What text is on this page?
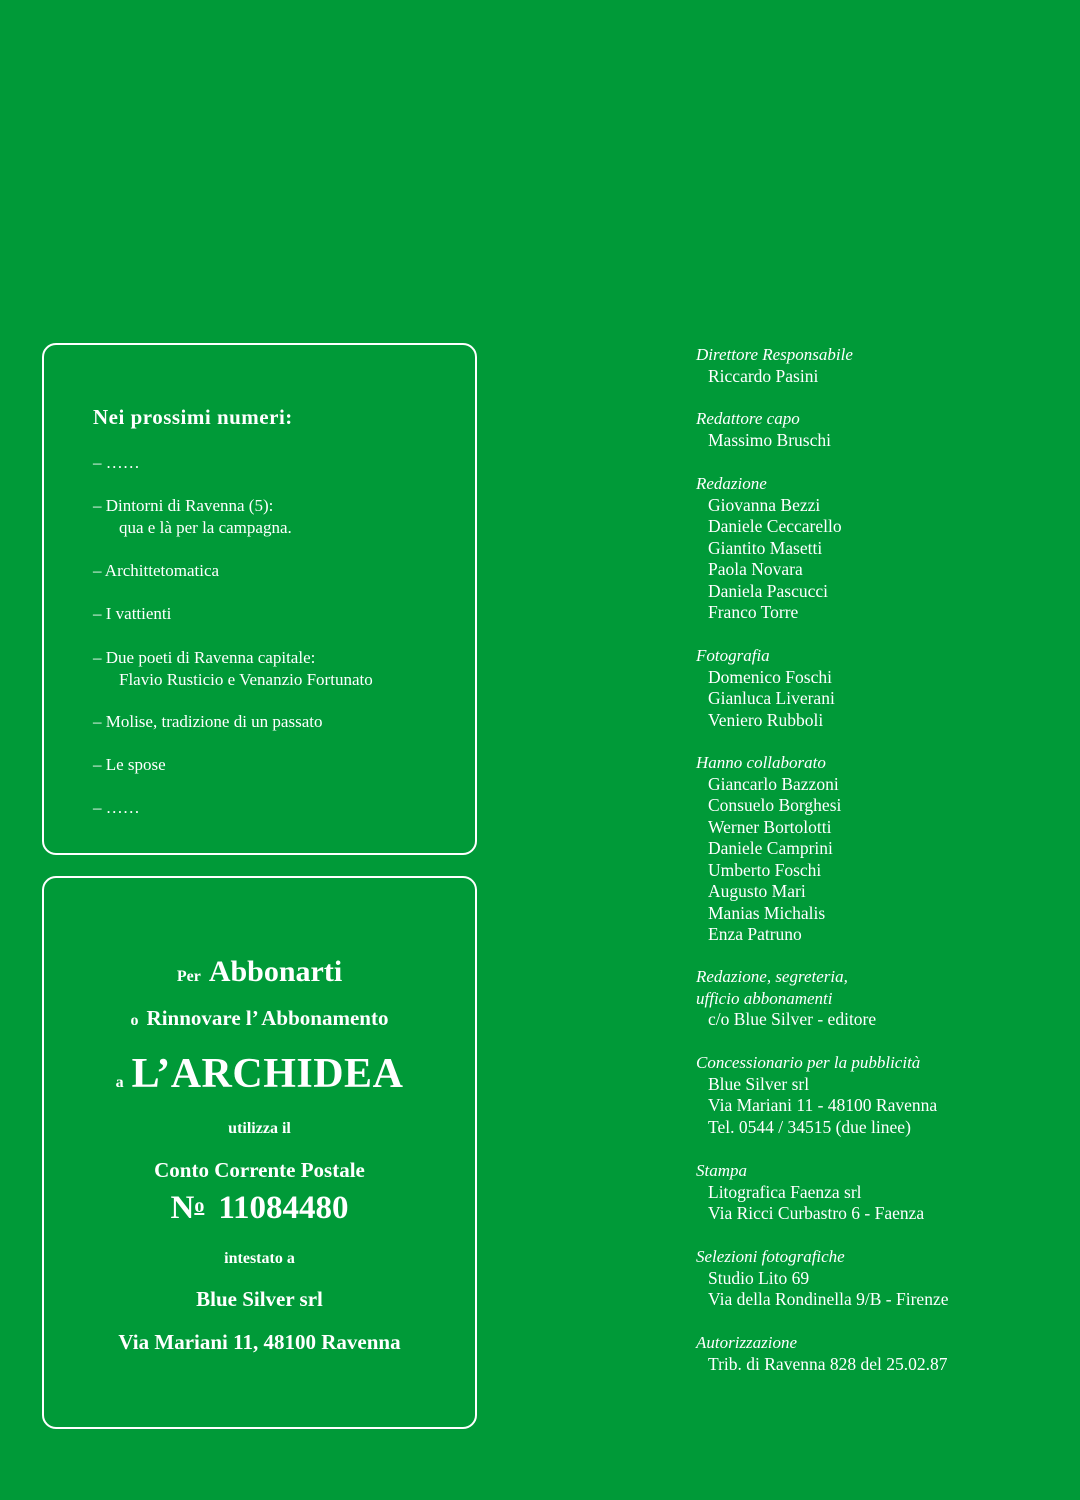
Nei prossimi numeri:
– ……
– Dintorni di Ravenna (5):
qua e là per la campagna.
– Archittetomatica
– I vattienti
– Due poeti di Ravenna capitale:
Flavio Rusticio e Venanzio Fortunato
– Molise, tradizione di un passato
– Le spose
– ……
Per Abbonarti
o Rinnovare l’ Abbonamento
a L’ARCHIDEA
utilizza il
Conto Corrente Postale
No 11084480
intestato a
Blue Silver srl
Via Mariani 11, 48100 Ravenna
Direttore Responsabile
Riccardo Pasini
Redattore capo
Massimo Bruschi
Redazione
Giovanna Bezzi
Daniele Ceccarello
Giantito Masetti
Paola Novara
Daniela Pascucci
Franco Torre
Fotografia
Domenico Foschi
Gianluca Liverani
Veniero Rubboli
Hanno collaborato
Giancarlo Bazzoni
Consuelo Borghesi
Werner Bortolotti
Daniele Camprini
Umberto Foschi
Augusto Mari
Manias Michalis
Enza Patruno
Redazione, segreteria,
ufficio abbonamenti
c/o Blue Silver - editore
Concessionario per la pubblicità
Blue Silver srl
Via Mariani 11 - 48100 Ravenna
Tel. 0544 / 34515 (due linee)
Stampa
Litografica Faenza srl
Via Ricci Curbastro 6 - Faenza
Selezioni fotografiche
Studio Lito 69
Via della Rondinella 9/B - Firenze
Autorizzazione
Trib. di Ravenna 828 del 25.02.87
